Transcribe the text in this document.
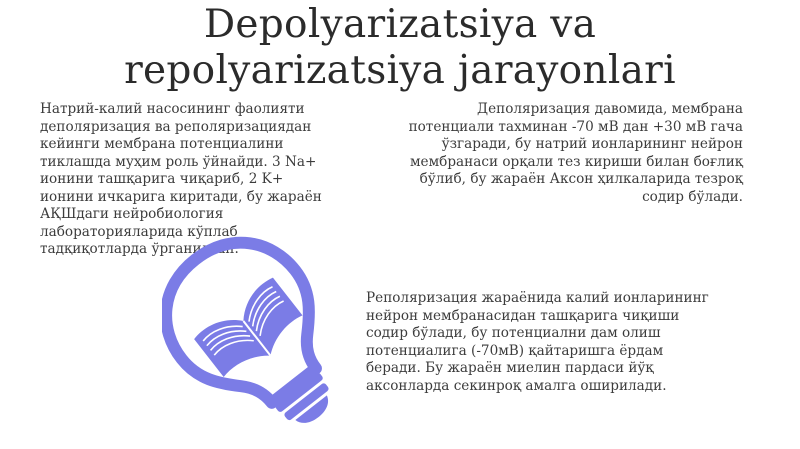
Depolyarizatsiya va
repolyarizatsiya jarayonlari
Натрий-калий насосининг фаолияти
деполяризация ва реполяризациядан
кейинги мембрана потенциалини
тиклашда муҳим роль ўйнайди. 3 Na+
ионини ташқарига чиқариб, 2 K+
ионини ичкарига киритади, бу жараён
АҚШдаги нейробиология
лабораторияларида кўплаб
тадқиқотларда ўрганилган.
Деполяризация давомида, мембрана
потенциали тахминан -70 мВ дан +30 мВ гача
ўзгаради, бу натрий ионларининг нейрон
мембранаси орқали тез кириши билан боғлиқ
бўлиб, бу жараён Аксон ҳилкаларида тезроқ
содир бўлади.
Реполяризация жараёнида калий ионларининг
нейрон мембранасидан ташқарига чиқиши
содир бўлади, бу потенциални дам олиш
потенциалига (-70мВ) қайтаришга ёрдам
беради. Бу жараён миелин пардаси йўқ
аксонларда секинроқ амалга оширилади.
